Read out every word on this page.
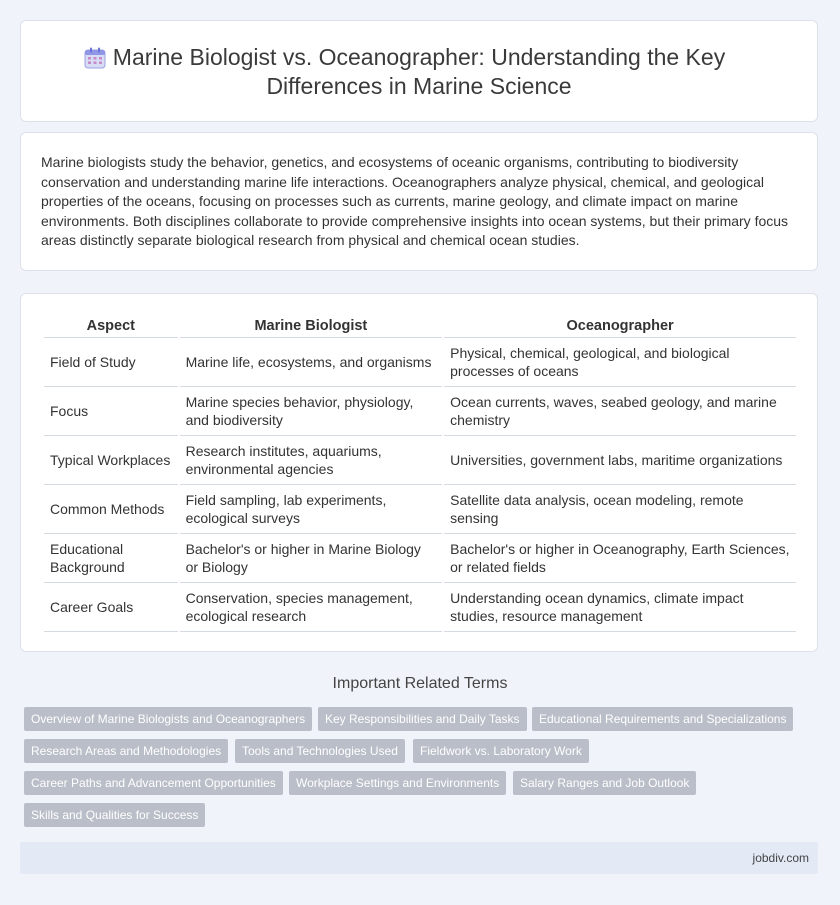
Marine Biologist vs. Oceanographer: Understanding the Key Differences in Marine Science
Marine biologists study the behavior, genetics, and ecosystems of oceanic organisms, contributing to biodiversity conservation and understanding marine life interactions. Oceanographers analyze physical, chemical, and geological properties of the oceans, focusing on processes such as currents, marine geology, and climate impact on marine environments. Both disciplines collaborate to provide comprehensive insights into ocean systems, but their primary focus areas distinctly separate biological research from physical and chemical ocean studies.
Aspect	Marine Biologist	Oceanographer
Field of Study	Marine life, ecosystems, and organisms	Physical, chemical, geological, and biological processes of oceans
Focus	Marine species behavior, physiology, and biodiversity	Ocean currents, waves, seabed geology, and marine chemistry
Typical Workplaces	Research institutes, aquariums, environmental agencies	Universities, government labs, maritime organizations
Common Methods	Field sampling, lab experiments, ecological surveys	Satellite data analysis, ocean modeling, remote sensing
Educational Background	Bachelor's or higher in Marine Biology or Biology	Bachelor's or higher in Oceanography, Earth Sciences, or related fields
Career Goals	Conservation, species management, ecological research	Understanding ocean dynamics, climate impact studies, resource management
Important Related Terms
Overview of Marine Biologists and Oceanographers	Key Responsibilities and Daily Tasks	Educational Requirements and Specializations
Research Areas and Methodologies	Tools and Technologies Used	Fieldwork vs. Laboratory Work
Career Paths and Advancement Opportunities	Workplace Settings and Environments	Salary Ranges and Job Outlook
Skills and Qualities for Success
jobdiv.com
